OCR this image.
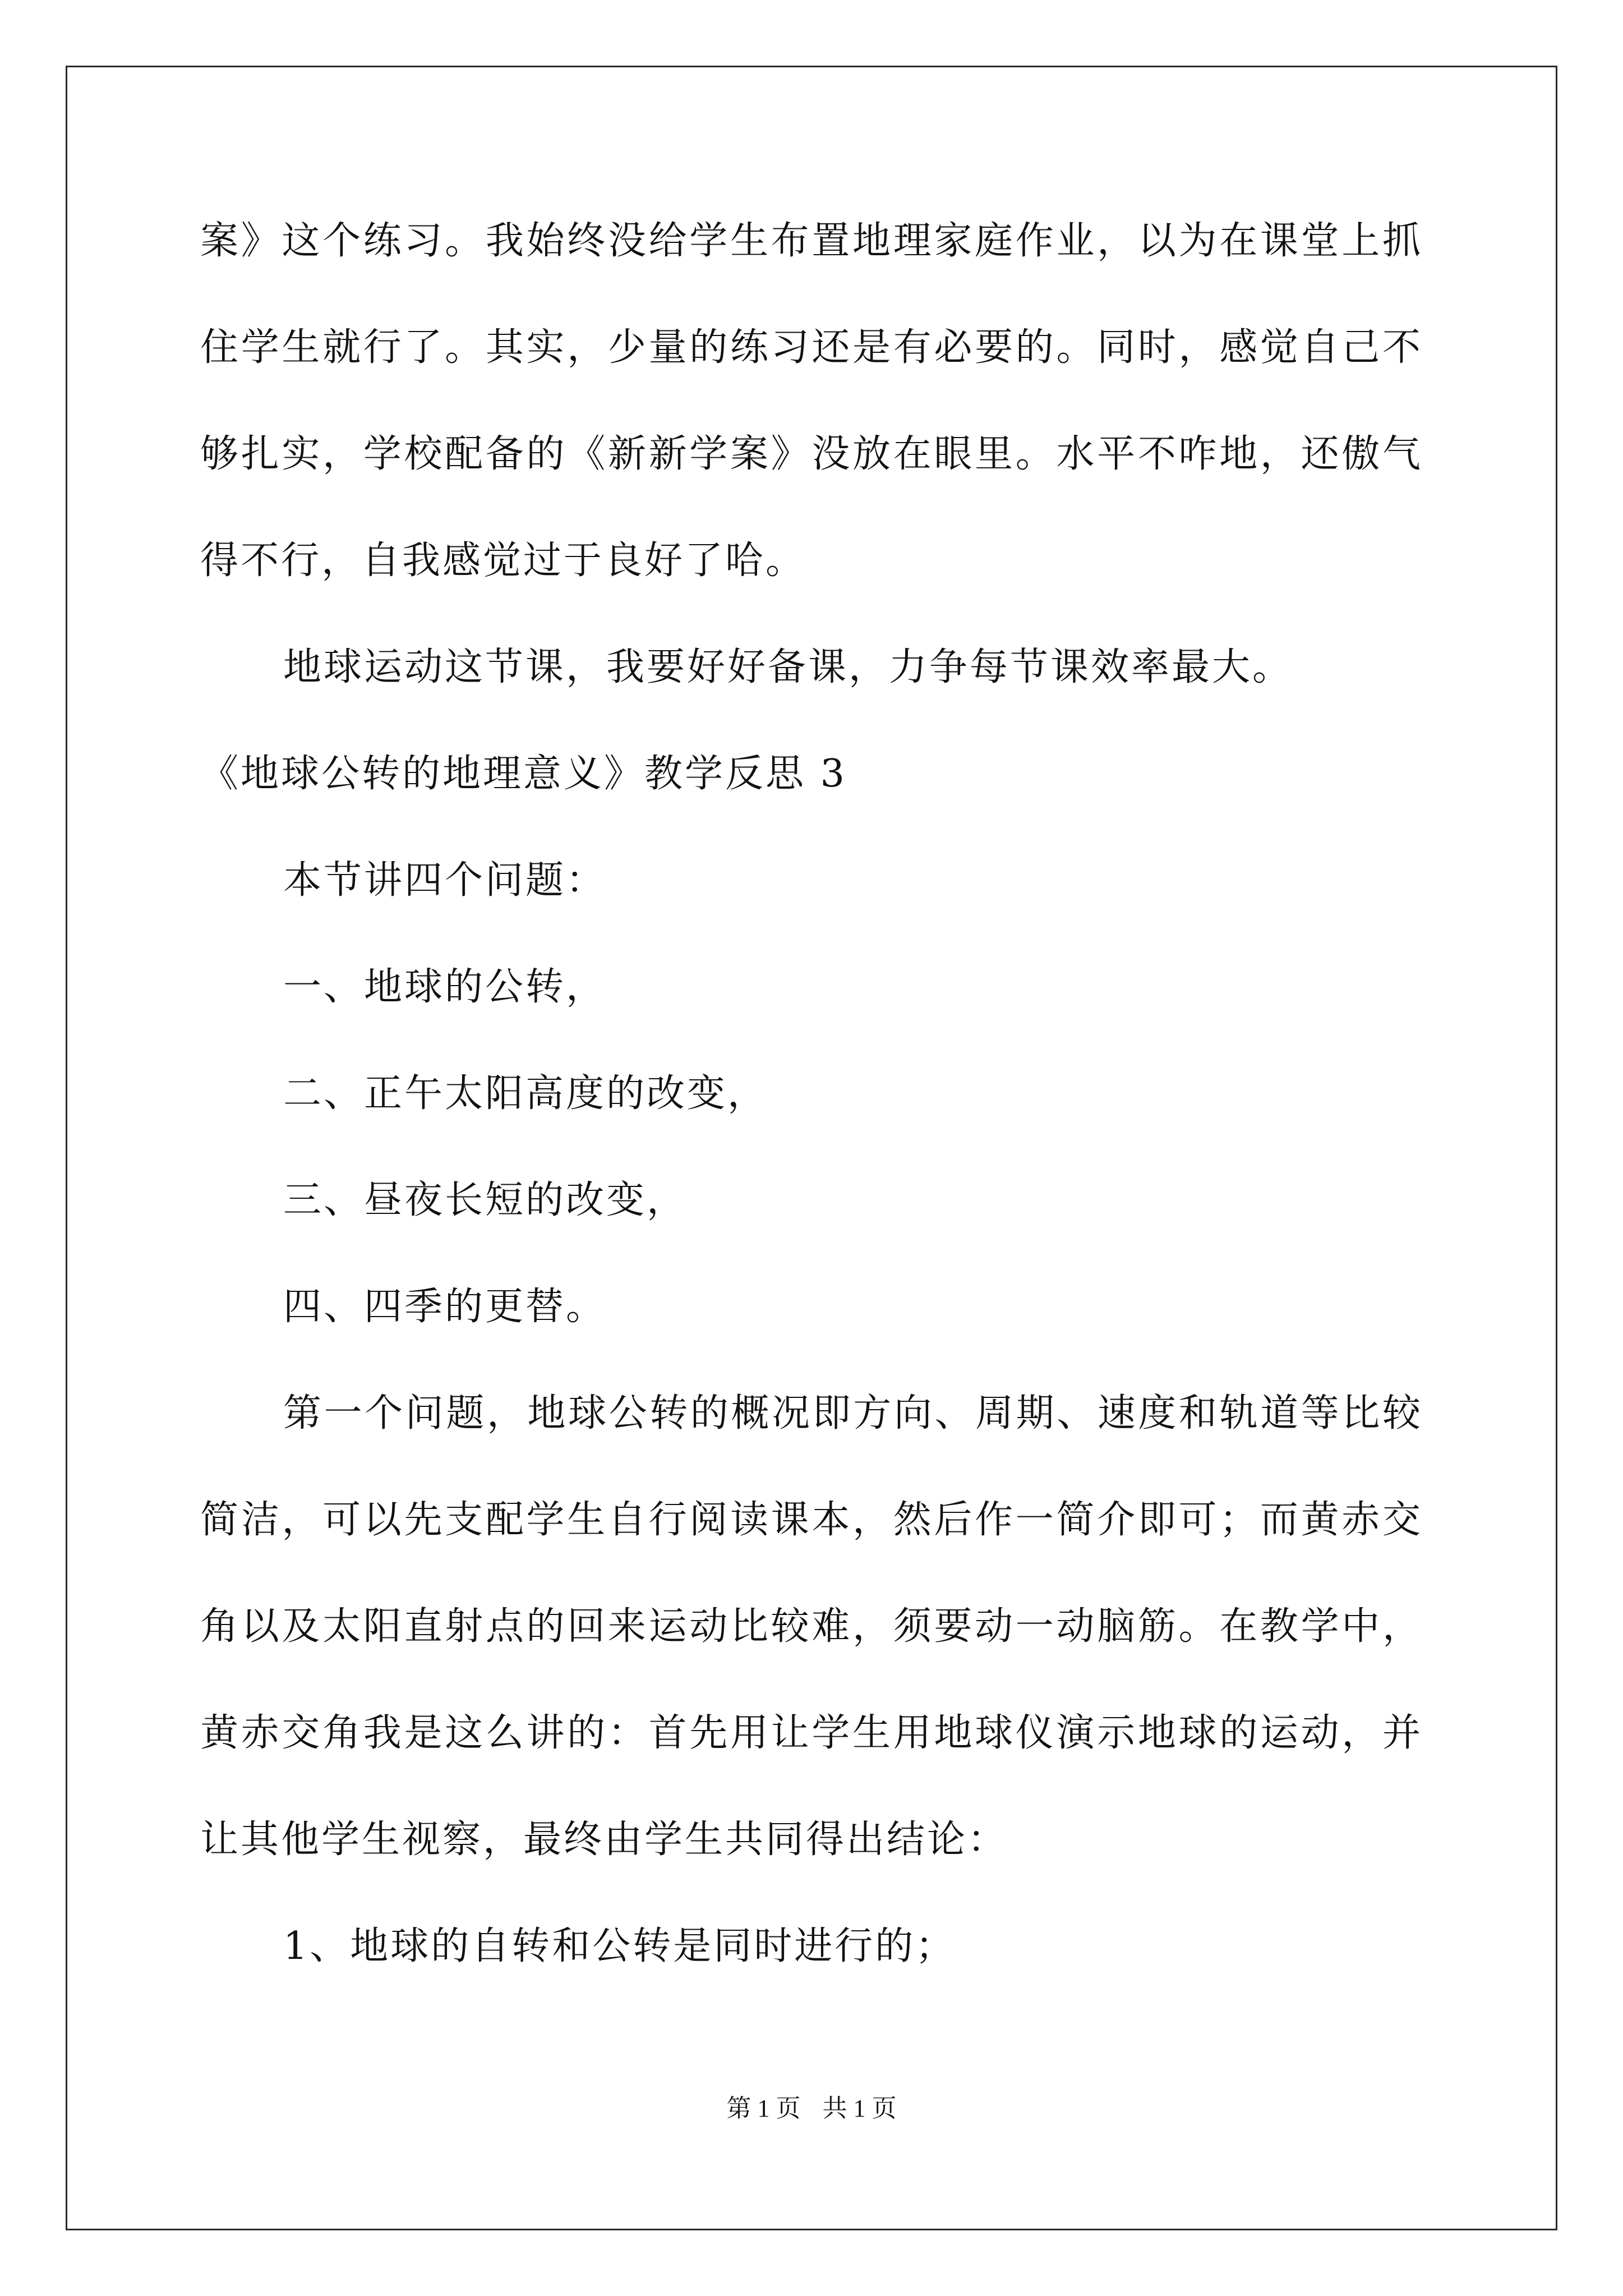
案》这个练习。我始终没给学生布置地理家庭作业，以为在课堂上抓

住学生就行了。其实，少量的练习还是有必要的。同时，感觉自己不

够扎实，学校配备的《新新学案》没放在眼里。水平不咋地，还傲气

得不行，自我感觉过于良好了哈。

地球运动这节课，我要好好备课，力争每节课效率最大。

《地球公转的地理意义》教学反思 3

本节讲四个问题：

一、地球的公转，

二、正午太阳高度的改变，

三、昼夜长短的改变，

四、四季的更替。

第一个问题，地球公转的概况即方向、周期、速度和轨道等比较

简洁，可以先支配学生自行阅读课本，然后作一简介即可；而黄赤交

角以及太阳直射点的回来运动比较难，须要动一动脑筋。在教学中，

黄赤交角我是这么讲的：首先用让学生用地球仪演示地球的运动，并

让其他学生视察，最终由学生共同得出结论：

1、地球的自转和公转是同时进行的；

第 1 页 共 1 页
